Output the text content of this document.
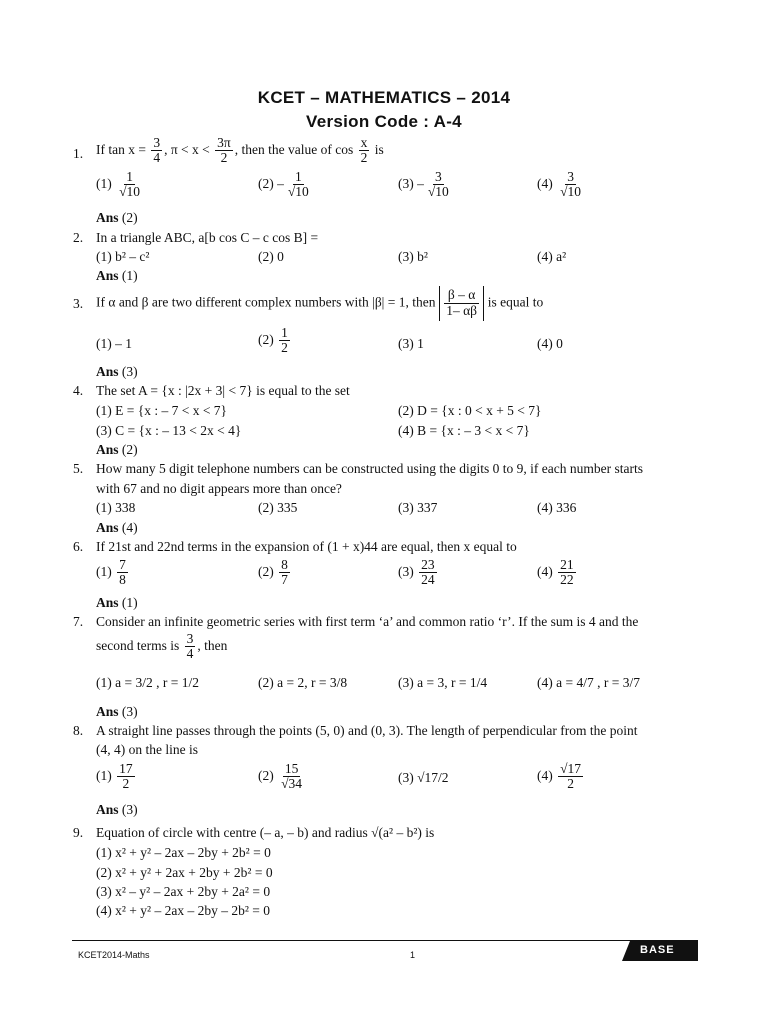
KCET – MATHEMATICS – 2014
Version Code : A-4
1. If $\tan x = \frac{3}{4}$ , $\pi < x < \frac{3\pi}{2}$ , then the value of $\cos \frac{x}{2}$ is
$(1) \frac{1}{√10}$	$(2) - \frac{1}{√10}$	$(3) - \frac{3}{√10}$	$(4) \frac{3}{√10}$
Ans (2)
2. In a triangle ABC, a[b cos C – c cos B] =
(1) b² – c²	(2) 0	(3) b²	(4) a²
Ans (1)
3. If α and β are two different complex numbers with |β| = 1, then $\frac{\beta - \alpha}{1- \alpha\beta}$ is equal to
(1) – 1	$(2) \frac{1}{2}$	(3) 1	(4) 0
Ans (3)
4. The set A = {x : |2x + 3| < 7} is equal to the set
(1) E = {x : – 7 < x < 7}	(2) D = {x : 0 < x + 5 < 7}
(3) C = {x : – 13 < 2x < 4}	(4) B = {x : – 3 < x < 7}
Ans (2)
5. How many 5 digit telephone numbers can be constructed using the digits 0 to 9, if each number starts
with 67 and no digit appears more than once?
(1) 338	(2) 335	(3) 337	(4) 336
Ans (4)
6. If 21st and 22nd terms in the expansion of (1 + x)44 are equal, then x equal to
$(1) \frac{7}{8}$	$(2) \frac{8}{7}$	$(3) \frac{23}{24}$	$(4) \frac{21}{22}$
Ans (1)
7. Consider an infinite geometric series with first term ‘a’ and common ratio ‘r’. If the sum is 4 and the
second terms is $\frac{3}{4}$ , then
(1) a = 3/2 , r = 1/2	(2) a = 2, r = 3/8	(3) a = 3, r = 1/4	(4) a = 4/7 , r = 3/7
Ans (3)
8. A straight line passes through the points (5, 0) and (0, 3). The length of perpendicular from the point
(4, 4) on the line is
$(1) \frac{17}{2}$	$(2) \frac{15}{√34}$	(3) √17/2	$(4) \frac{√17}{2}$
Ans (3)
9. Equation of circle with centre (– a, – b) and radius √(a² – b²) is
(1) x² + y² – 2ax – 2by + 2b² = 0
(2) x² + y² + 2ax + 2by + 2b² = 0
(3) x² – y² – 2ax + 2by + 2a² = 0
(4) x² + y² – 2ax – 2by – 2b² = 0
KCET2014-Maths	1	BASE
